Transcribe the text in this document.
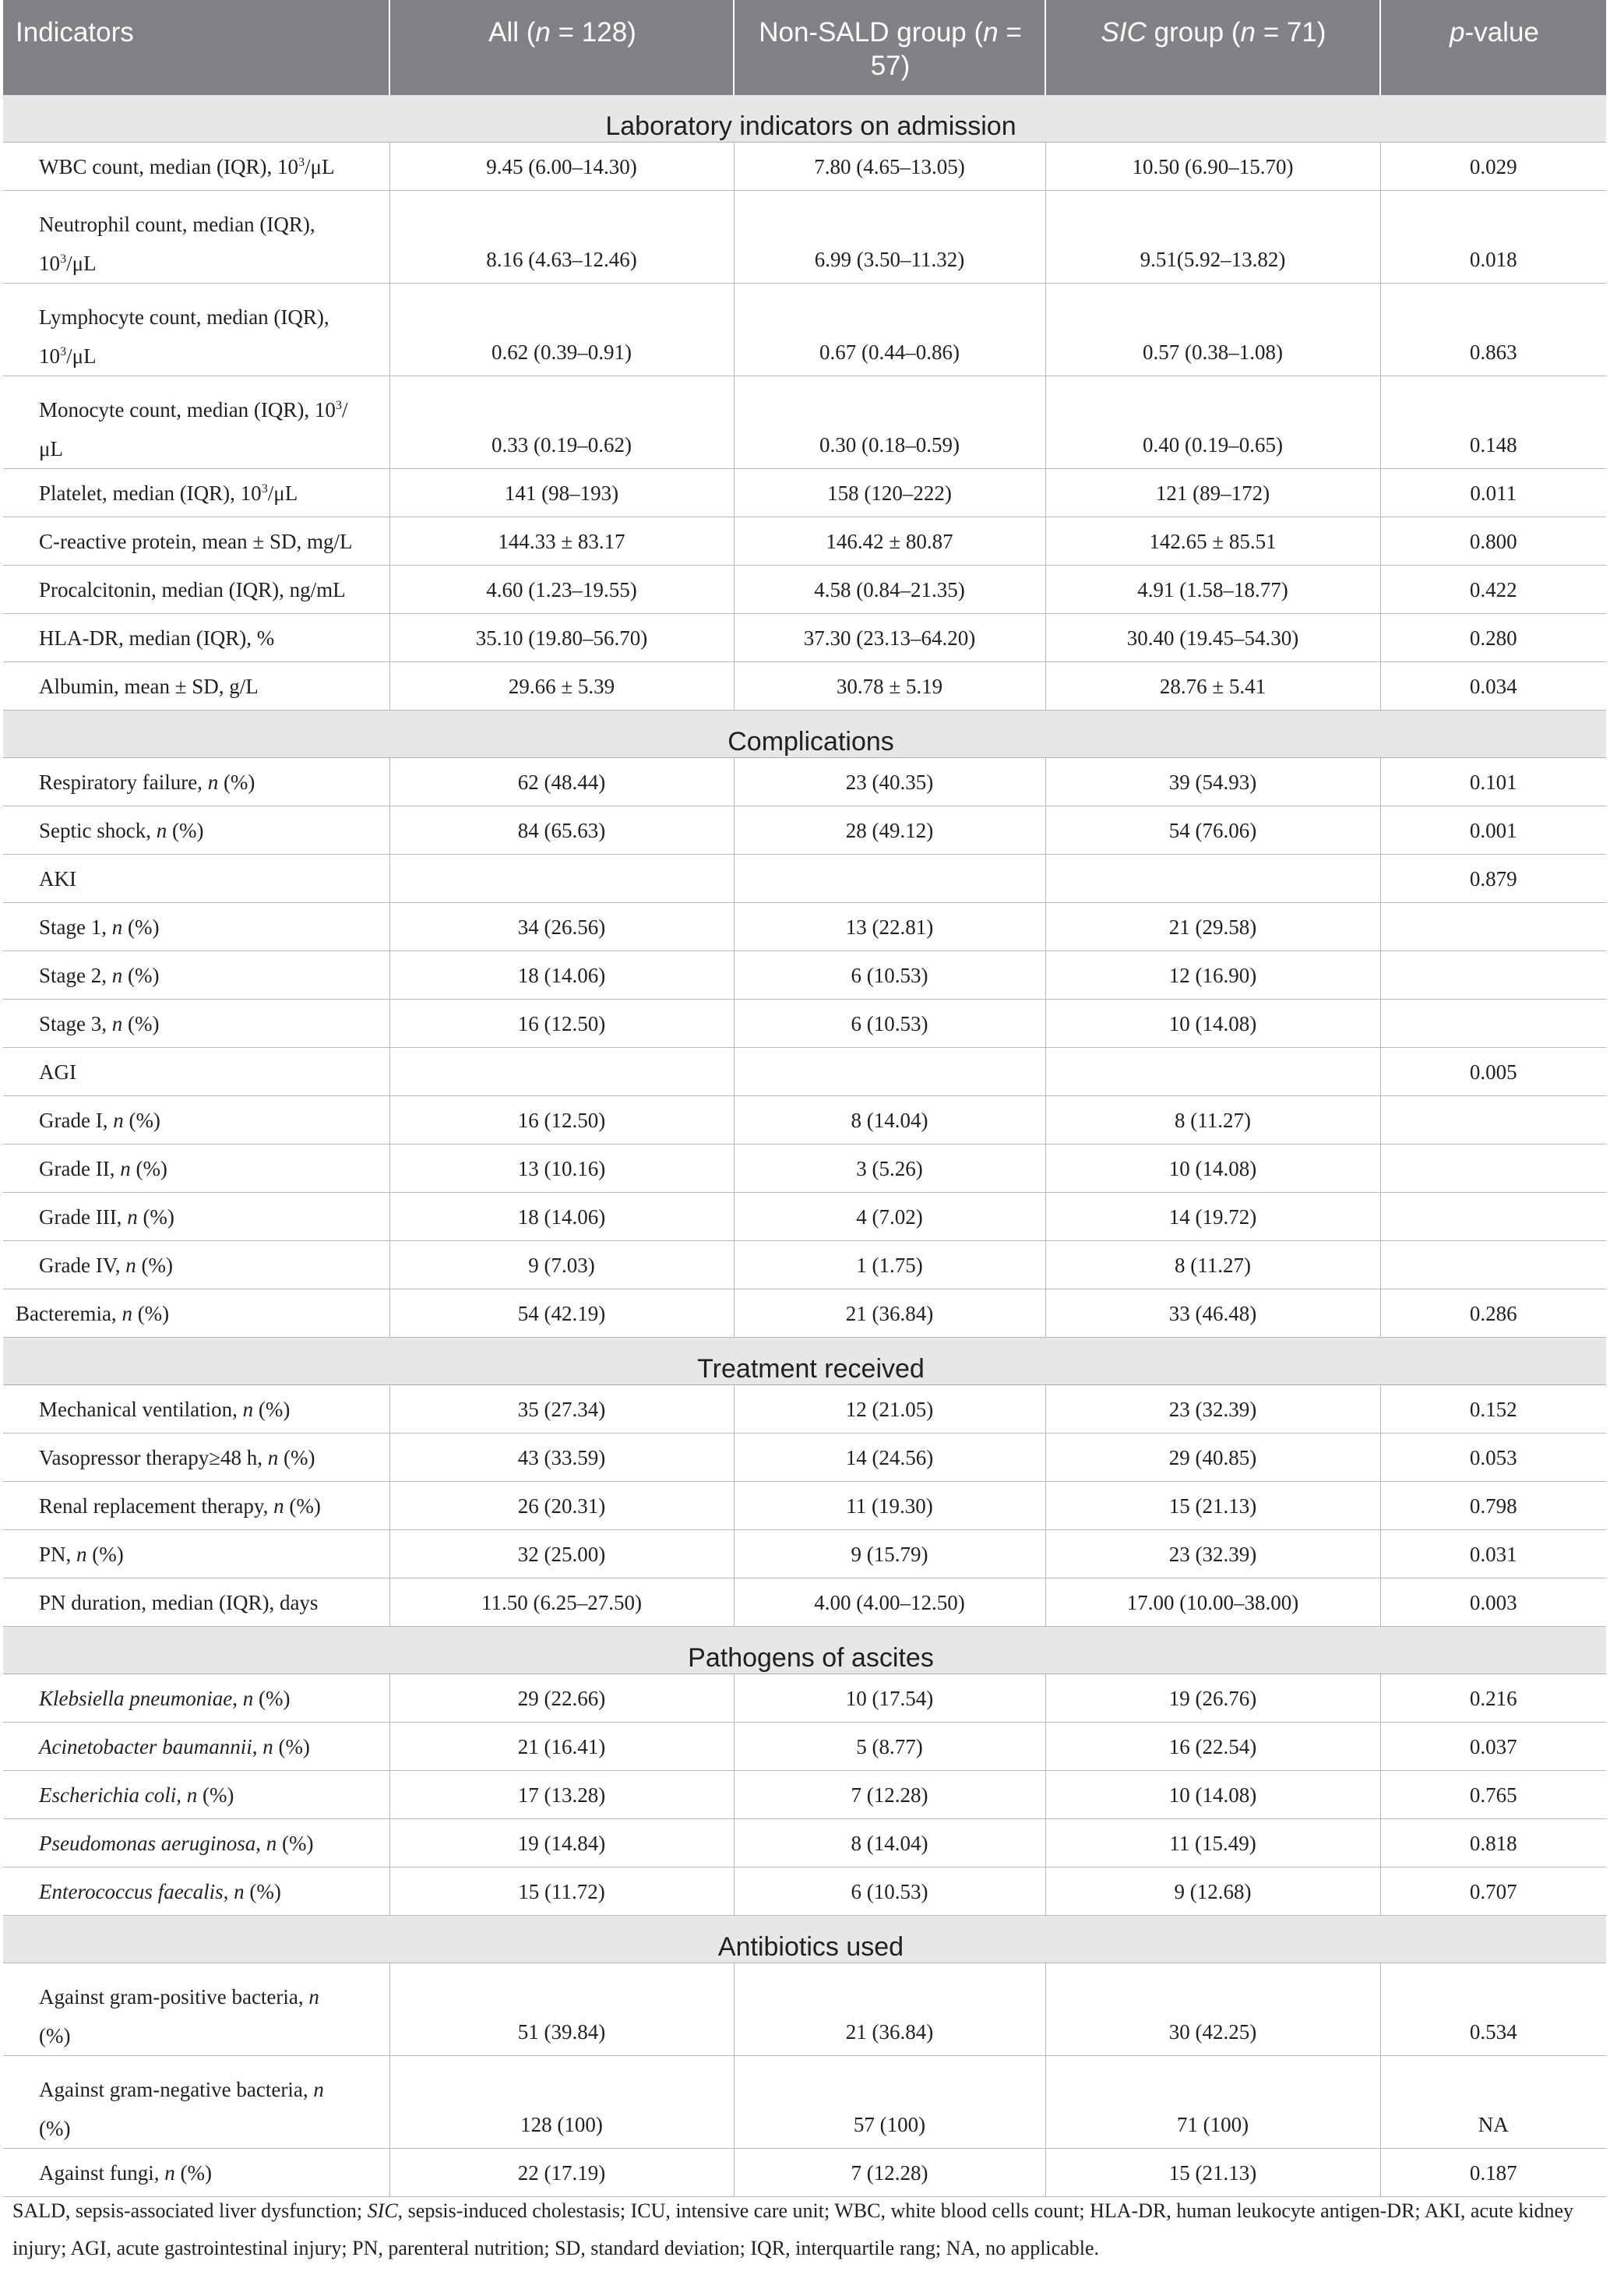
Indicators	All (n = 128)	Non-SALD group (n = 57)	SIC group (n = 71)	p-value
Laboratory indicators on admission				
WBC count, median (IQR), $10^3/\mu L$	9.45 (6.00–14.30)	7.80 (4.65–13.05)	10.50 (6.90–15.70)	0.029
Neutrophil count, median (IQR),
$10^3/\mu L$	8.16 (4.63–12.46)	6.99 (3.50–11.32)	9.51(5.92–13.82)	0.018
Lymphocyte count, median (IQR),
$10^3/\mu L$	0.62 (0.39–0.91)	0.67 (0.44–0.86)	0.57 (0.38–1.08)	0.863
Monocyte count, median (IQR), $10^3/$
μL	0.33 (0.19–0.62)	0.30 (0.18–0.59)	0.40 (0.19–0.65)	0.148
Platelet, median (IQR), $10^3/\mu L$	141 (98–193)	158 (120–222)	121 (89–172)	0.011
C-reactive protein, mean ± SD, mg/L	144.33 ± 83.17	146.42 ± 80.87	142.65 ± 85.51	0.800
Procalcitonin, median (IQR), ng/mL	4.60 (1.23–19.55)	4.58 (0.84–21.35)	4.91 (1.58–18.77)	0.422
HLA-DR, median (IQR), %	35.10 (19.80–56.70)	37.30 (23.13–64.20)	30.40 (19.45–54.30)	0.280
Albumin, mean ± SD, g/L	29.66 ± 5.39	30.78 ± 5.19	28.76 ± 5.41	0.034
Complications				
Respiratory failure, n (%)	62 (48.44)	23 (40.35)	39 (54.93)	0.101
Septic shock, n (%)	84 (65.63)	28 (49.12)	54 (76.06)	0.001
AKI				0.879
Stage 1, n (%)	34 (26.56)	13 (22.81)	21 (29.58)	
Stage 2, n (%)	18 (14.06)	6 (10.53)	12 (16.90)	
Stage 3, n (%)	16 (12.50)	6 (10.53)	10 (14.08)	
AGI				0.005
Grade I, n (%)	16 (12.50)	8 (14.04)	8 (11.27)	
Grade II, n (%)	13 (10.16)	3 (5.26)	10 (14.08)	
Grade III, n (%)	18 (14.06)	4 (7.02)	14 (19.72)	
Grade IV, n (%)	9 (7.03)	1 (1.75)	8 (11.27)	
Bacteremia, n (%)	54 (42.19)	21 (36.84)	33 (46.48)	0.286
Treatment received				
Mechanical ventilation, n (%)	35 (27.34)	12 (21.05)	23 (32.39)	0.152
Vasopressor therapy≥48 h, n (%)	43 (33.59)	14 (24.56)	29 (40.85)	0.053
Renal replacement therapy, n (%)	26 (20.31)	11 (19.30)	15 (21.13)	0.798
PN, n (%)	32 (25.00)	9 (15.79)	23 (32.39)	0.031
PN duration, median (IQR), days	11.50 (6.25–27.50)	4.00 (4.00–12.50)	17.00 (10.00–38.00)	0.003
Pathogens of ascites				
Klebsiella pneumoniae, n (%)	29 (22.66)	10 (17.54)	19 (26.76)	0.216
Acinetobacter baumannii, n (%)	21 (16.41)	5 (8.77)	16 (22.54)	0.037
Escherichia coli, n (%)	17 (13.28)	7 (12.28)	10 (14.08)	0.765
Pseudomonas aeruginosa, n (%)	19 (14.84)	8 (14.04)	11 (15.49)	0.818
Enterococcus faecalis, n (%)	15 (11.72)	6 (10.53)	9 (12.68)	0.707
Antibiotics used				
Against gram-positive bacteria, n
(%)	51 (39.84)	21 (36.84)	30 (42.25)	0.534
Against gram-negative bacteria, n
(%)	128 (100)	57 (100)	71 (100)	NA
Against fungi, n (%)	22 (17.19)	7 (12.28)	15 (21.13)	0.187
SALD, sepsis-associated liver dysfunction; SIC, sepsis-induced cholestasis; ICU, intensive care unit; WBC, white blood cells count; HLA-DR, human leukocyte antigen-DR; AKI, acute kidney injury; AGI, acute gastrointestinal injury; PN, parenteral nutrition; SD, standard deviation; IQR, interquartile rang; NA, no applicable.
